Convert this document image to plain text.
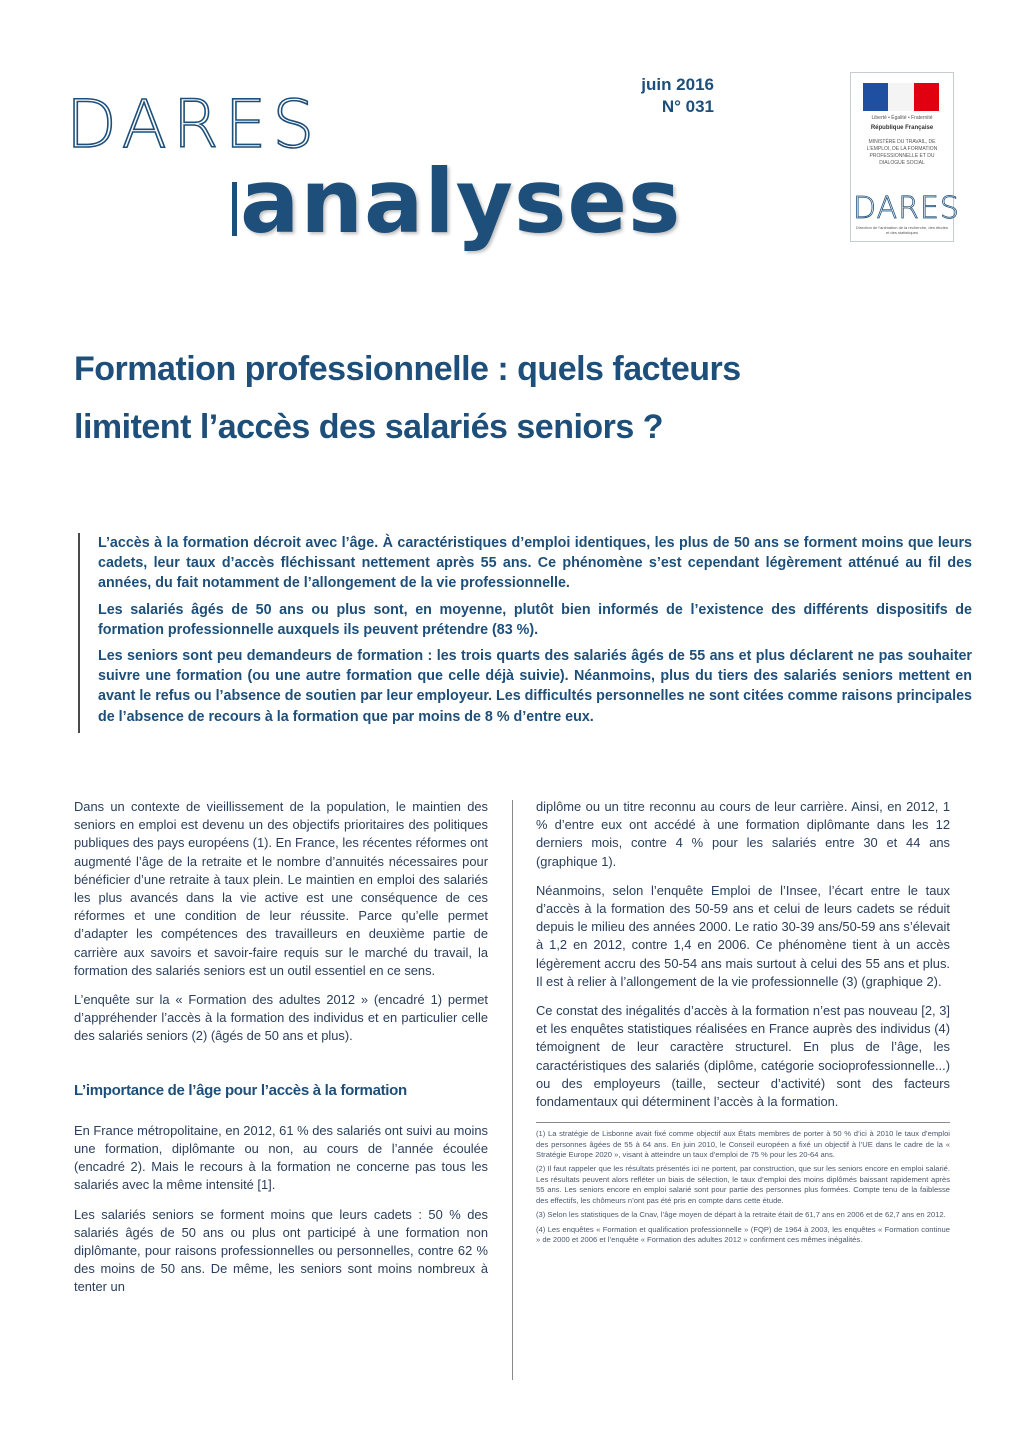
DARES
analyses
juin 2016
N° 031
Liberté • Égalité • Fraternité
République Française
MINISTÈRE DU TRAVAIL, DE L'EMPLOI, DE LA FORMATION PROFESSIONNELLE ET DU DIALOGUE SOCIAL
DARES
Direction de l'animation de la recherche, des études et des statistiques
Formation professionnelle : quels facteurs
limitent l’accès des salariés seniors ?

L’accès à la formation décroit avec l’âge. À caractéristiques d’emploi identiques, les plus de 50 ans se forment moins que leurs cadets, leur taux d’accès fléchissant nettement après 55 ans. Ce phénomène s’est cependant légèrement atténué au fil des années, du fait notamment de l’allongement de la vie professionnelle.

Les salariés âgés de 50 ans ou plus sont, en moyenne, plutôt bien informés de l’existence des différents dispositifs de formation professionnelle auxquels ils peuvent prétendre (83 %).

Les seniors sont peu demandeurs de formation : les trois quarts des salariés âgés de 55 ans et plus déclarent ne pas souhaiter suivre une formation (ou une autre formation que celle déjà suivie). Néanmoins, plus du tiers des salariés seniors mettent en avant le refus ou l’absence de soutien par leur employeur. Les difficultés personnelles ne sont citées comme raisons principales de l’absence de recours à la formation que par moins de 8 % d’entre eux.

Dans un contexte de vieillissement de la population, le maintien des seniors en emploi est devenu un des objectifs prioritaires des politiques publiques des pays européens (1). En France, les récentes réformes ont augmenté l’âge de la retraite et le nombre d’annuités nécessaires pour bénéficier d’une retraite à taux plein. Le maintien en emploi des salariés les plus avancés dans la vie active est une conséquence de ces réformes et une condition de leur réussite. Parce qu’elle permet d’adapter les compétences des travailleurs en deuxième partie de carrière aux savoirs et savoir-faire requis sur le marché du travail, la formation des salariés seniors est un outil essentiel en ce sens.

L’enquête sur la « Formation des adultes 2012 » (encadré 1) permet d’appréhender l’accès à la formation des individus et en particulier celle des salariés seniors (2) (âgés de 50 ans et plus).

L’importance de l’âge pour l’accès à la formation

En France métropolitaine, en 2012, 61 % des salariés ont suivi au moins une formation, diplômante ou non, au cours de l’année écoulée (encadré 2). Mais le recours à la formation ne concerne pas tous les salariés avec la même intensité [1].

Les salariés seniors se forment moins que leurs cadets : 50 % des salariés âgés de 50 ans ou plus ont participé à une formation non diplômante, pour raisons professionnelles ou personnelles, contre 62 % des moins de 50 ans. De même, les seniors sont moins nombreux à tenter un

diplôme ou un titre reconnu au cours de leur carrière. Ainsi, en 2012, 1 % d’entre eux ont accédé à une formation diplômante dans les 12 derniers mois, contre 4 % pour les salariés entre 30 et 44 ans (graphique 1).

Néanmoins, selon l’enquête Emploi de l’Insee, l’écart entre le taux d’accès à la formation des 50-59 ans et celui de leurs cadets se réduit depuis le milieu des années 2000. Le ratio 30-39 ans/50-59 ans s’élevait à 1,2 en 2012, contre 1,4 en 2006. Ce phénomène tient à un accès légèrement accru des 50-54 ans mais surtout à celui des 55 ans et plus. Il est à relier à l’allongement de la vie professionnelle (3) (graphique 2).

Ce constat des inégalités d’accès à la formation n’est pas nouveau [2, 3] et les enquêtes statistiques réalisées en France auprès des individus (4) témoignent de leur caractère structurel. En plus de l’âge, les caractéristiques des salariés (diplôme, catégorie socioprofessionnelle...) ou des employeurs (taille, secteur d’activité) sont des facteurs fondamentaux qui déterminent l’accès à la formation.

(1) La stratégie de Lisbonne avait fixé comme objectif aux États membres de porter à 50 % d’ici à 2010 le taux d’emploi des personnes âgées de 55 à 64 ans. En juin 2010, le Conseil européen a fixé un objectif à l’UE dans le cadre de la « Stratégie Europe 2020 », visant à atteindre un taux d’emploi de 75 % pour les 20-64 ans.

(2) Il faut rappeler que les résultats présentés ici ne portent, par construction, que sur les seniors encore en emploi salarié. Les résultats peuvent alors refléter un biais de sélection, le taux d’emploi des moins diplômés baissant rapidement après 55 ans. Les seniors encore en emploi salarié sont pour partie des personnes plus formées. Compte tenu de la faiblesse des effectifs, les chômeurs n’ont pas été pris en compte dans cette étude.

(3) Selon les statistiques de la Cnav, l’âge moyen de départ à la retraite était de 61,7 ans en 2006 et de 62,7 ans en 2012.

(4) Les enquêtes « Formation et qualification professionnelle » (FQP) de 1964 à 2003, les enquêtes « Formation continue » de 2000 et 2006 et l’enquête « Formation des adultes 2012 » confirment ces mêmes inégalités.
